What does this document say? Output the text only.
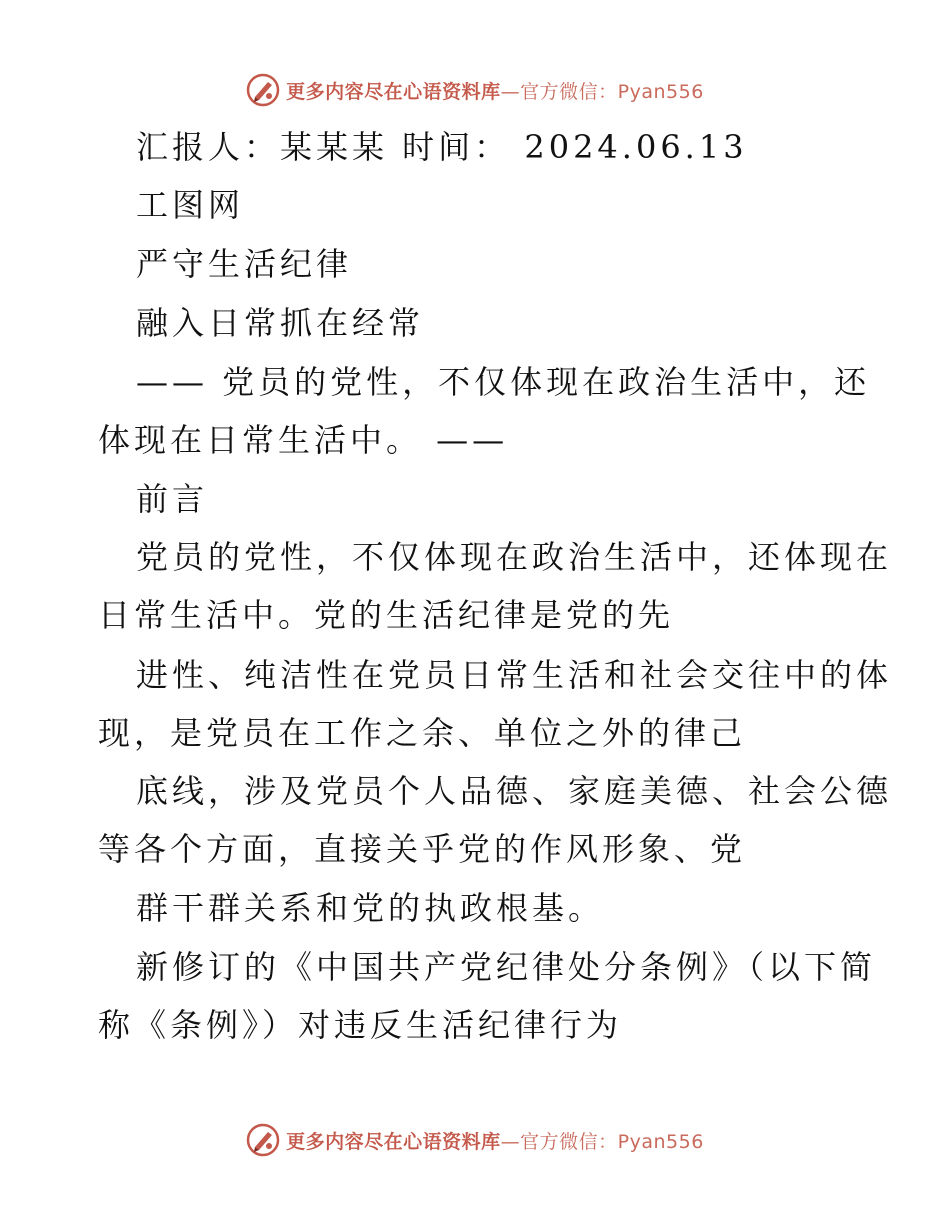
更多内容尽在心语资料库—官方微信：Pyan556
汇报人：某某某 时间： 2024.06.13
工图网
严守生活纪律
融入日常抓在经常
—— 党员的党性，不仅体现在政治生活中，还
体现在日常生活中。 ——
前言
党员的党性，不仅体现在政治生活中，还体现在
日常生活中。党的生活纪律是党的先
进性、纯洁性在党员日常生活和社会交往中的体
现，是党员在工作之余、单位之外的律己
底线，涉及党员个人品德、家庭美德、社会公德
等各个方面，直接关乎党的作风形象、党
群干群关系和党的执政根基。
新修订的《中国共产党纪律处分条例》（以下简
称《条例》）对违反生活纪律行为
更多内容尽在心语资料库—官方微信：Pyan556
